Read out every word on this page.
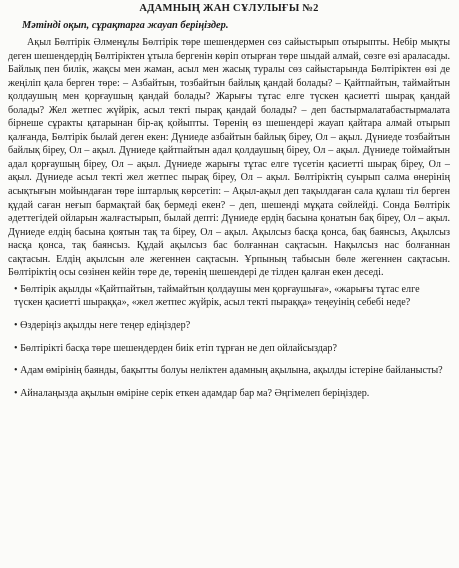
АДАМНЫҢ ЖАН СҰЛУЛЫҒЫ №2
Мәтінді оқып, сұрақтарға жауап беріңіздер.

Ақыл Бөлтірік Әлменұлы Бөлтірік төре шешендермен сөз сайыстырып отырыпты. Небір мықты деген шешендердің Бөлтіріктен ұтыла бергенін көріп отырған төре шыдай алмай, сөзге өзі араласады. Байлық пен билік, жақсы мен жаман, асыл мен жасық туралы сөз сайыстарында Бөлтіріктен өзі де жеңіліп қала берген төре: – Азбайтын, тозбайтын байлық қандай болады? – Қайтпайтын, таймайтын қолдаушың мен қорғаушың қандай болады? Жарығы тұтас елге түскен қасиетті шырақ қандай болады? Жел жетпес жүйрік, асыл текті пырақ қандай болады? – деп бастырмалатабастырмалата бірнеше сұракты қатарынан бір-ақ қойыпты. Төренің өз шешендері жауап қайтара алмай отырып қалғанда, Бөлтірік былай деген екен: Дүниеде азбайтын байлық біреу, Ол – ақыл. Дүниеде тозбайтын байлық біреу, Ол – ақыл. Дүниеде қайтпайтын адал қолдаушың біреу, Ол – ақыл. Дүниеде тоймайтын адал қорғаушың біреу, Ол – ақыл. Дүниеде жарығы тұтас елге түсетін қасиетті шырақ біреу, Ол – ақыл. Дүниеде асыл текті жел жетпес пырақ біреу, Ол – ақыл. Бөлтіріктің суырып салма өнерінің асықтығын мойындаған төре іштарлық көрсетіп: – Ақыл-ақыл деп тақылдаған сала құлаш тіл берген құдай саған неғып бармақтай бақ бермеді екен? – деп, шешенді мұқата сөйлейді. Сонда Бөлтірік әдеттегідей ойларын жалғастырып, былай депті: Дүниеде ердің басына қонатын бақ біреу, Ол – ақыл. Дүниеде елдің басына қоятын тақ та біреу, Ол – ақыл. Ақылсыз басқа қонса, бақ баянсыз, Ақылсыз насқа қонса, тақ баянсыз. Құдай ақылсыз бас болғаннан сақтасын. Нақылсыз нас болғаннан сақтасын. Елдің ақылсын әле жегеннен сақтасын. Ұрпының табысын бөле жегеннен сақтасын. Бөлтіріктің осы сөзінен кейін төре де, төренің шешендері де тілден қалған екен деседі.

• Бөлтірік ақылды «Қайтпайтын, таймайтын қолдаушы мен қорғаушыға», «жарығы тұтас елге түскен қасиетті шыраққа», «жел жетпес жүйрік, асыл текті пыраққа» теңеуінің себебі неде?

• Өздеріңіз ақылды неге теңер едіңіздер?

• Бөлтірікті басқа төре шешендерден биік етіп тұрған не деп ойлайсыздар?

• Адам өмірінің баянды, бақытты болуы нелiктен адамның ақылына, ақылды істеріне байланысты?

• Айналаңызда ақылын өміріне серік еткен адамдар бар ма? Әңгімелеп беріңіздер.
